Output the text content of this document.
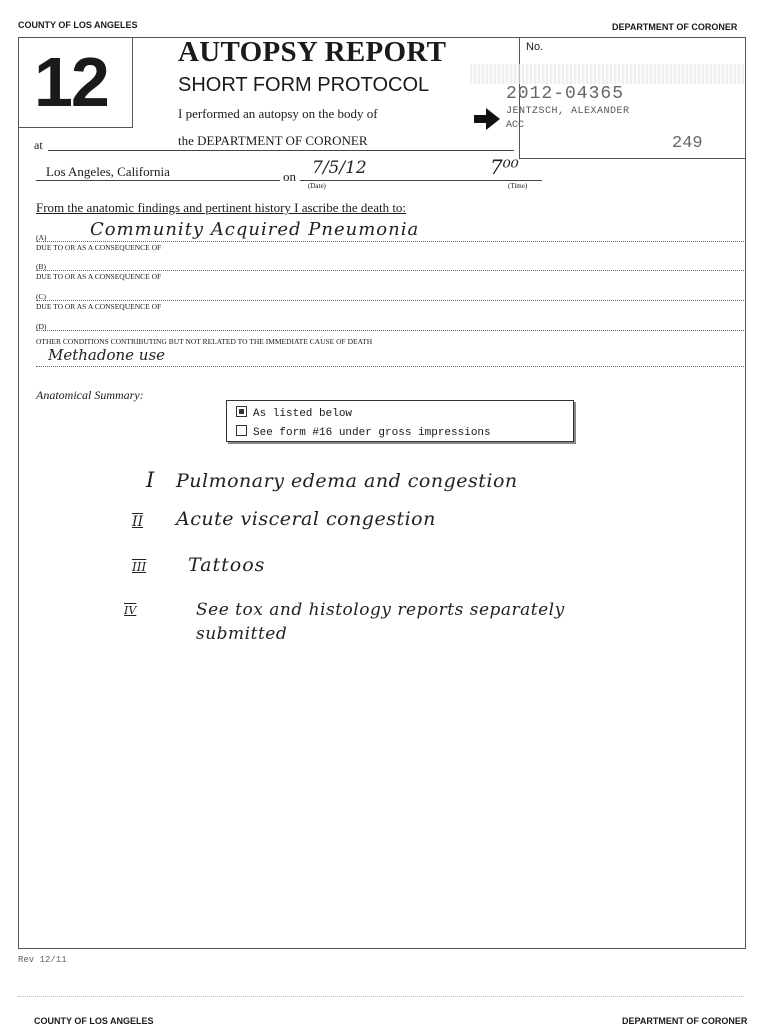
COUNTY OF LOS ANGELES	DEPARTMENT OF CORONER
12 AUTOPSY REPORT
SHORT FORM PROTOCOL
I performed an autopsy on the body of
the DEPARTMENT OF CORONER
at
No.
2012-04365
JENTZSCH, ALEXANDER
ACC
249
Los Angeles, California	on 7/5/12
(Date)
7⁰⁰
(Time)
From the anatomic findings and pertinent history I ascribe the death to:
(A) Community Acquired Pneumonia
DUE TO OR AS A CONSEQUENCE OF
(B)
DUE TO OR AS A CONSEQUENCE OF
(C)
DUE TO OR AS A CONSEQUENCE OF
(D)
OTHER CONDITIONS CONTRIBUTING BUT NOT RELATED TO THE IMMEDIATE CAUSE OF DEATH
Methadone use
Anatomical Summary:
As listed below
See form #16 under gross impressions
I Pulmonary edema and congestion
II Acute visceral congestion
III Tattoos
IV	See tox and histology reports separately submitted
Rev 12/11
COUNTY OF LOS ANGELES	DEPARTMENT OF CORONER
